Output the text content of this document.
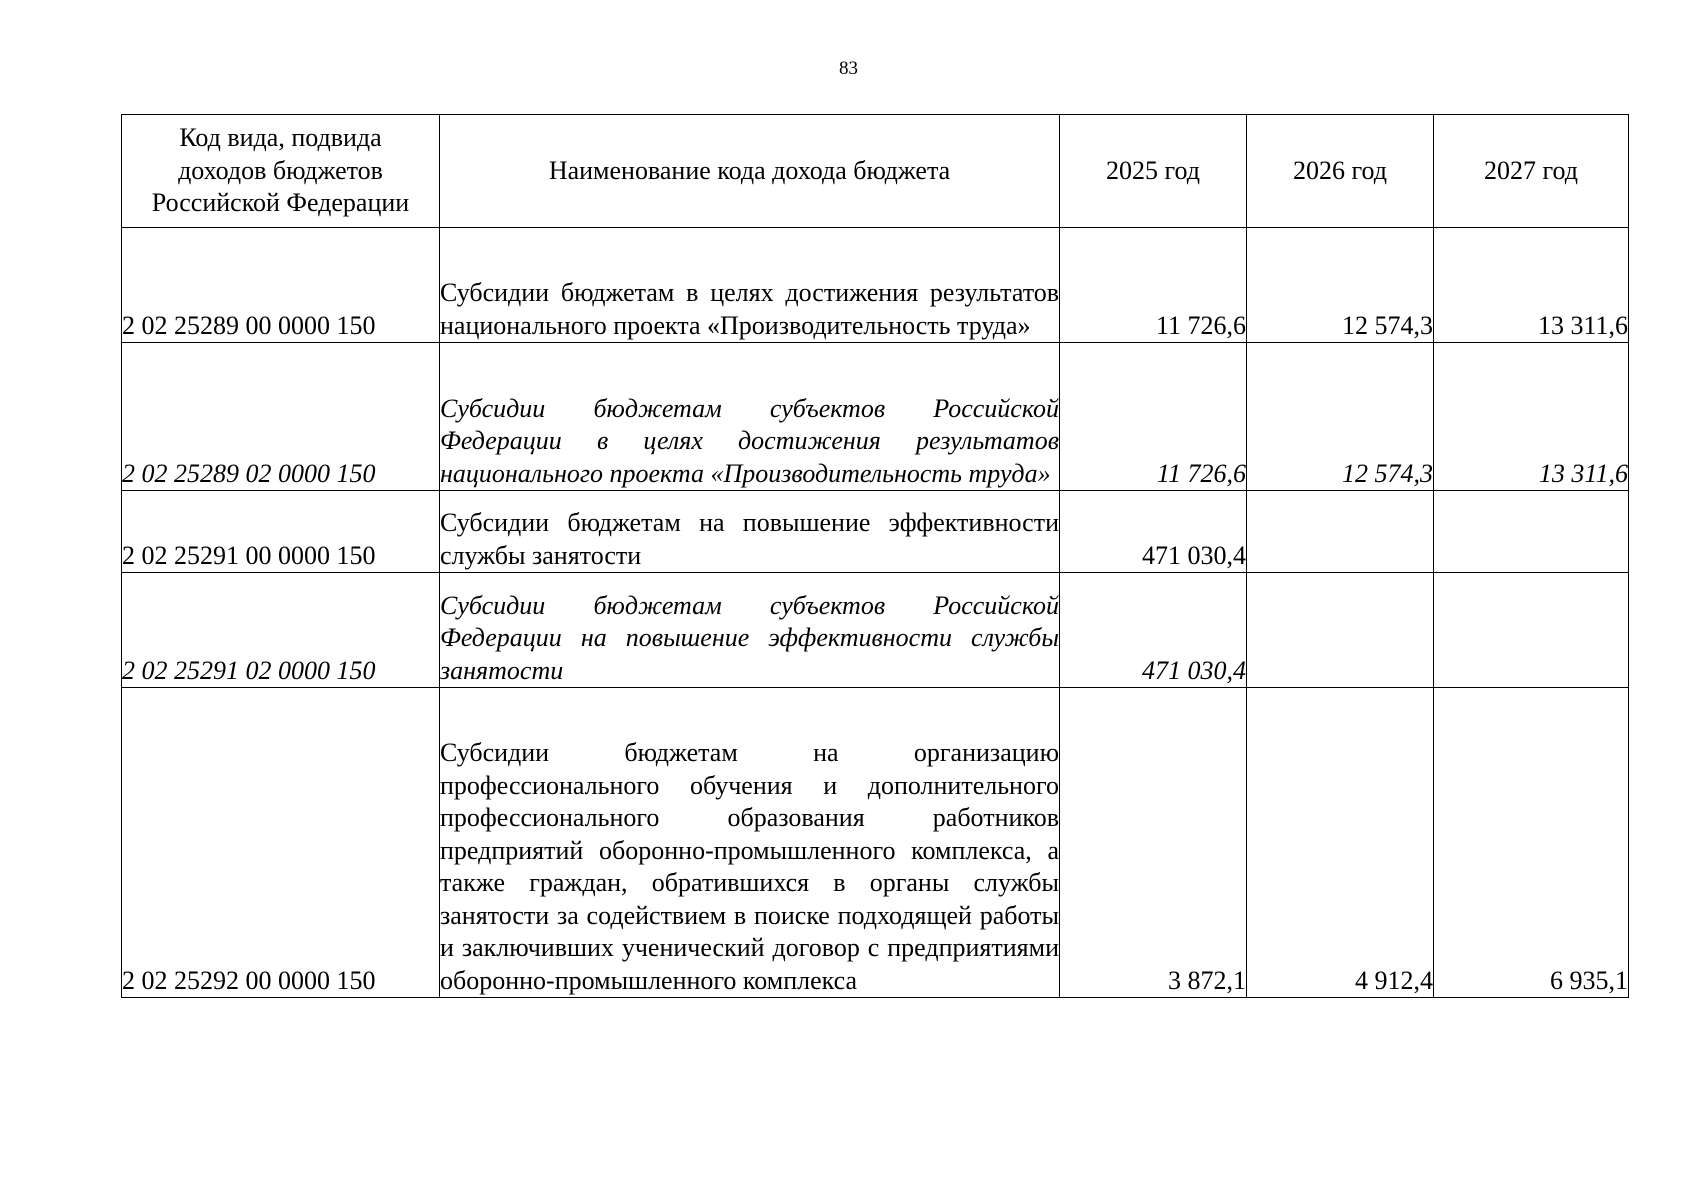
83
Код вида, подвида доходов бюджетов Российской Федерации	Наименование кода дохода бюджета	2025 год	2026 год	2027 год
2 02 25289 00 0000 150	Субсидии бюджетам в целях достижения результатов национального проекта «Производительность труда»	11 726,6	12 574,3	13 311,6
2 02 25289 02 0000 150	Субсидии бюджетам субъектов Российской Федерации в целях достижения результатов национального проекта «Производительность труда»	11 726,6	12 574,3	13 311,6
2 02 25291 00 0000 150	Субсидии бюджетам на повышение эффективности службы занятости	471 030,4		
2 02 25291 02 0000 150	Субсидии бюджетам субъектов Российской Федерации на повышение эффективности службы занятости	471 030,4		
2 02 25292 00 0000 150	Субсидии бюджетам на организацию профессионального обучения и дополнительного профессионального образования работников предприятий оборонно-промышленного комплекса, а также граждан, обратившихся в органы службы занятости за содействием в поиске подходящей работы и заключивших ученический договор с предприятиями оборонно-промышленного комплекса	3 872,1	4 912,4	6 935,1
